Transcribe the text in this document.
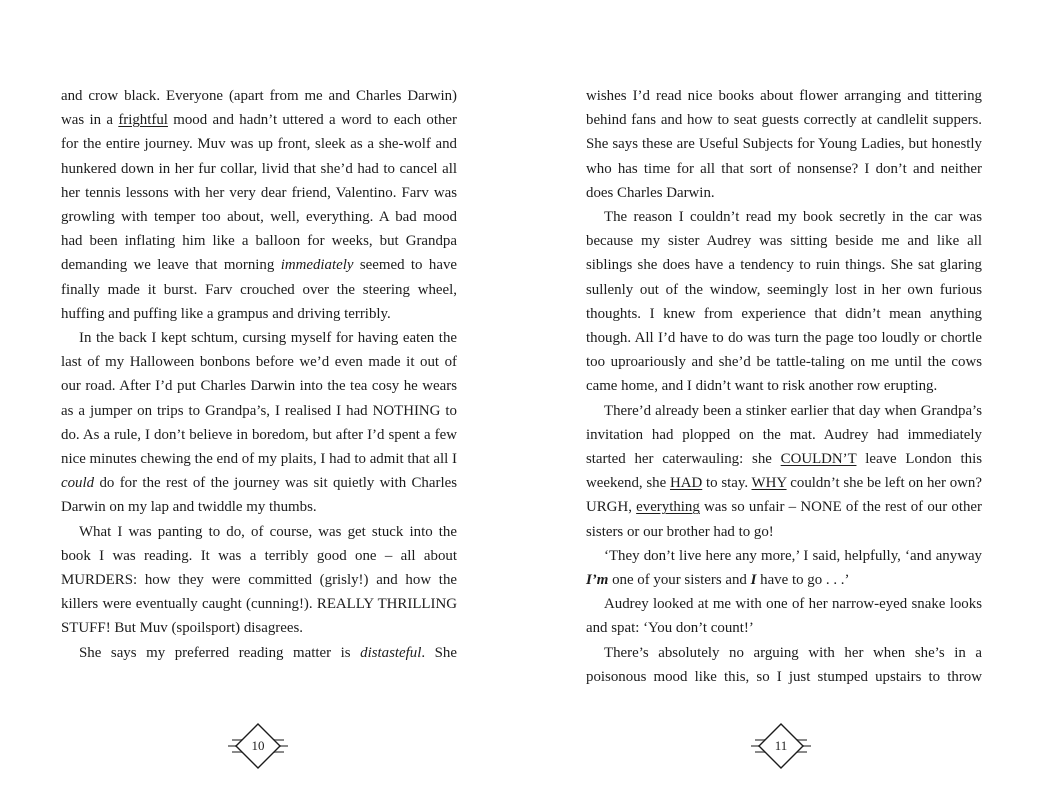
and crow black. Everyone (apart from me and Charles Darwin) was in a frightful mood and hadn’t uttered a word to each other for the entire journey. Muv was up front, sleek as a she-wolf and hunkered down in her fur collar, livid that she’d had to cancel all her tennis lessons with her very dear friend, Valentino. Farv was growling with temper too about, well, everything. A bad mood had been inflating him like a balloon for weeks, but Grandpa demanding we leave that morning immediately seemed to have finally made it burst. Farv crouched over the steering wheel, huffing and puffing like a grampus and driving terribly.

In the back I kept schtum, cursing myself for having eaten the last of my Halloween bonbons before we’d even made it out of our road. After I’d put Charles Darwin into the tea cosy he wears as a jumper on trips to Grandpa’s, I realised I had NOTHING to do. As a rule, I don’t believe in boredom, but after I’d spent a few nice minutes chewing the end of my plaits, I had to admit that all I could do for the rest of the journey was sit quietly with Charles Darwin on my lap and twiddle my thumbs.

What I was panting to do, of course, was get stuck into the book I was reading. It was a terribly good one – all about MURDERS: how they were committed (grisly!) and how the killers were eventually caught (cunning!). REALLY THRILLING STUFF! But Muv (spoilsport) disagrees.

She says my preferred reading matter is distasteful. She

wishes I’d read nice books about flower arranging and tittering behind fans and how to seat guests correctly at candlelit suppers. She says these are Useful Subjects for Young Ladies, but honestly who has time for all that sort of nonsense? I don’t and neither does Charles Darwin.

The reason I couldn’t read my book secretly in the car was because my sister Audrey was sitting beside me and like all siblings she does have a tendency to ruin things. She sat glaring sullenly out of the window, seemingly lost in her own furious thoughts. I knew from experience that didn’t mean anything though. All I’d have to do was turn the page too loudly or chortle too uproariously and she’d be tattle-taling on me until the cows came home, and I didn’t want to risk another row erupting.

There’d already been a stinker earlier that day when Grandpa’s invitation had plopped on the mat. Audrey had immediately started her caterwauling: she COULDN’T leave London this weekend, she HAD to stay. WHY couldn’t she be left on her own? URGH, everything was so unfair – NONE of the rest of our other sisters or our brother had to go!

‘They don’t live here any more,’ I said, helpfully, ‘and anyway I’m one of your sisters and I have to go . . .’

Audrey looked at me with one of her narrow-eyed snake looks and spat: ‘You don’t count!’

There’s absolutely no arguing with her when she’s in a poisonous mood like this, so I just stumped upstairs to throw

10	11
